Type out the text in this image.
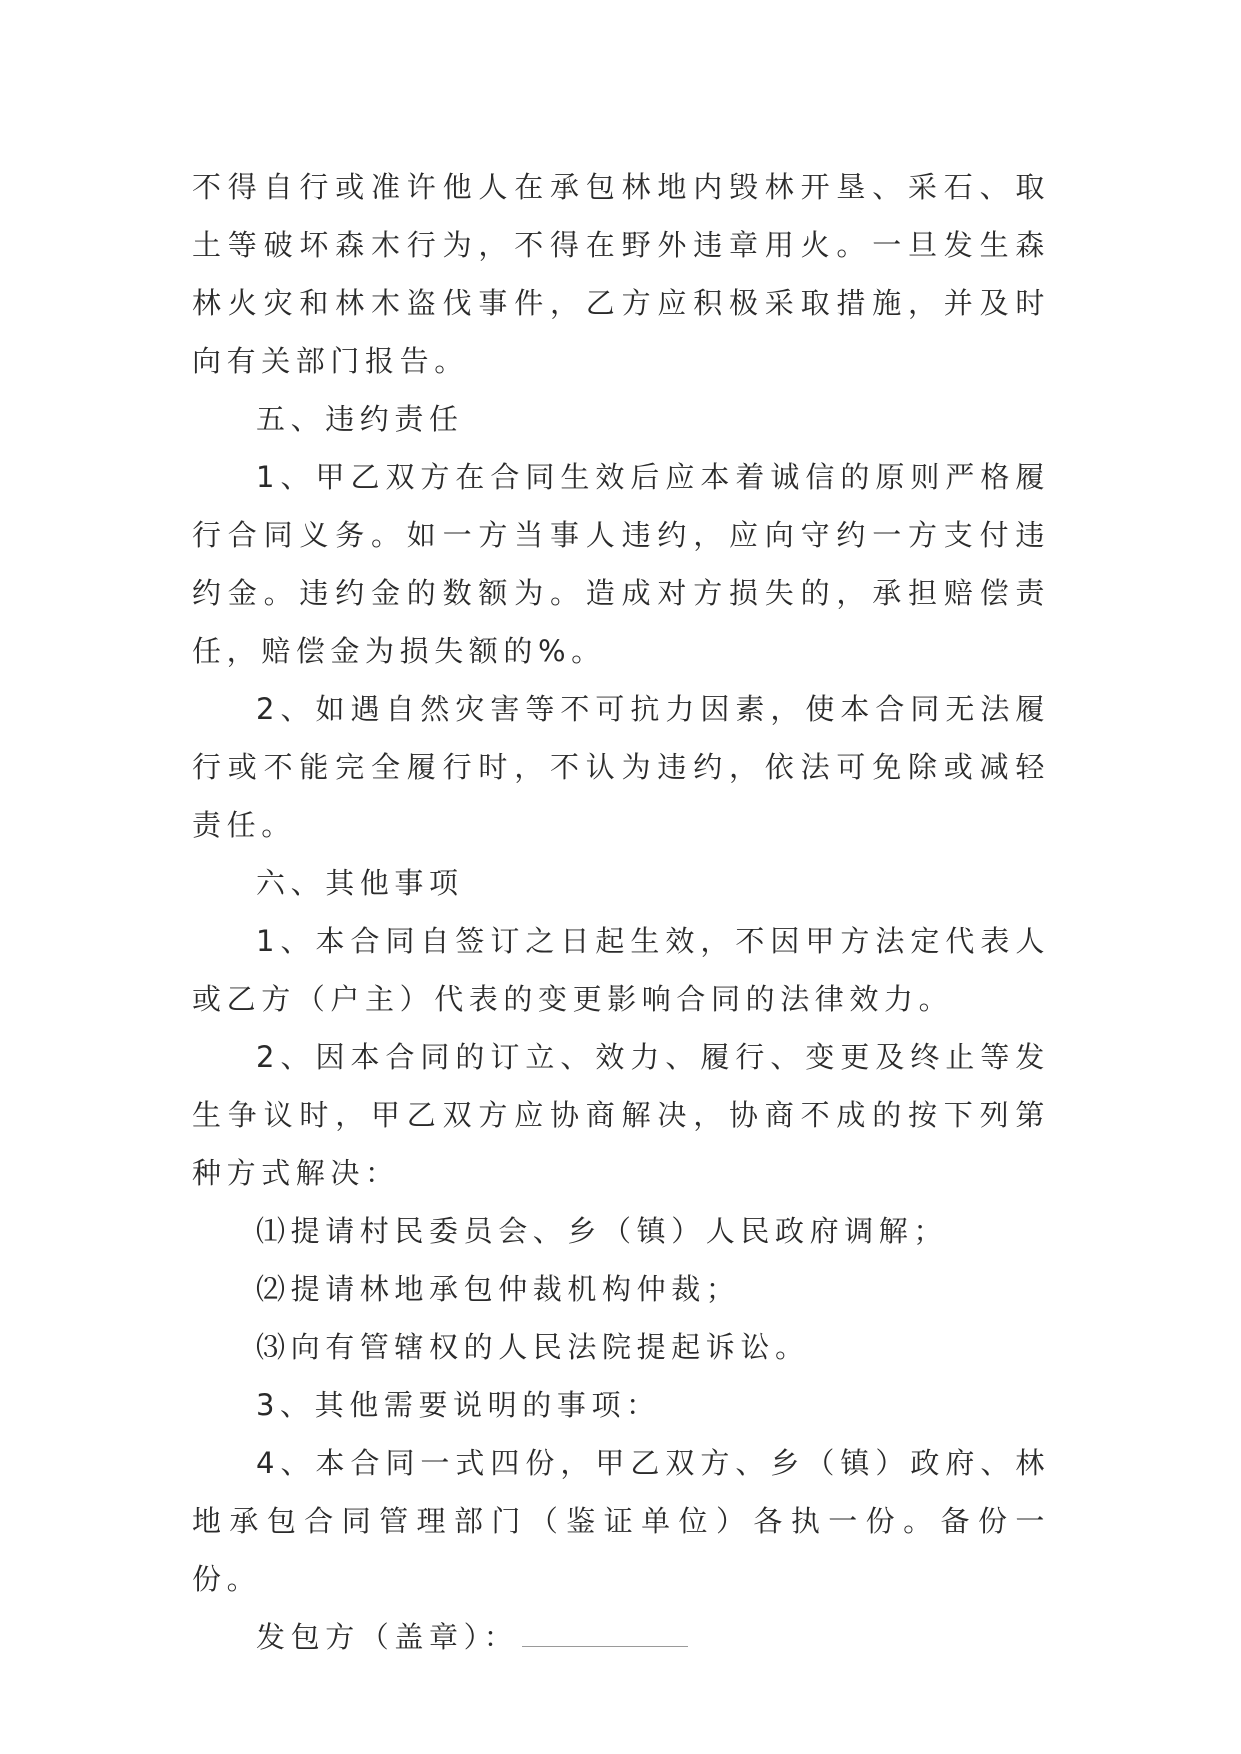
不得自行或准许他人在承包林地内毁林开垦、采石、取土等破坏森木行为，不得在野外违章用火。一旦发生森林火灾和林木盗伐事件，乙方应积极采取措施，并及时向有关部门报告。

五、违约责任

1、甲乙双方在合同生效后应本着诚信的原则严格履行合同义务。如一方当事人违约，应向守约一方支付违约金。违约金的数额为。造成对方损失的，承担赔偿责任，赔偿金为损失额的%。

2、如遇自然灾害等不可抗力因素，使本合同无法履行或不能完全履行时，不认为违约，依法可免除或减轻责任。

六、其他事项

1、本合同自签订之日起生效，不因甲方法定代表人或乙方（户主）代表的变更影响合同的法律效力。

2、因本合同的订立、效力、履行、变更及终止等发生争议时，甲乙双方应协商解决，协商不成的按下列第种方式解决：

⑴提请村民委员会、乡（镇）人民政府调解；

⑵提请林地承包仲裁机构仲裁；

⑶向有管辖权的人民法院提起诉讼。

3、其他需要说明的事项：

4、本合同一式四份，甲乙双方、乡（镇）政府、林地承包合同管理部门（鉴证单位）各执一份。备份一份。

发包方（盖章）：
